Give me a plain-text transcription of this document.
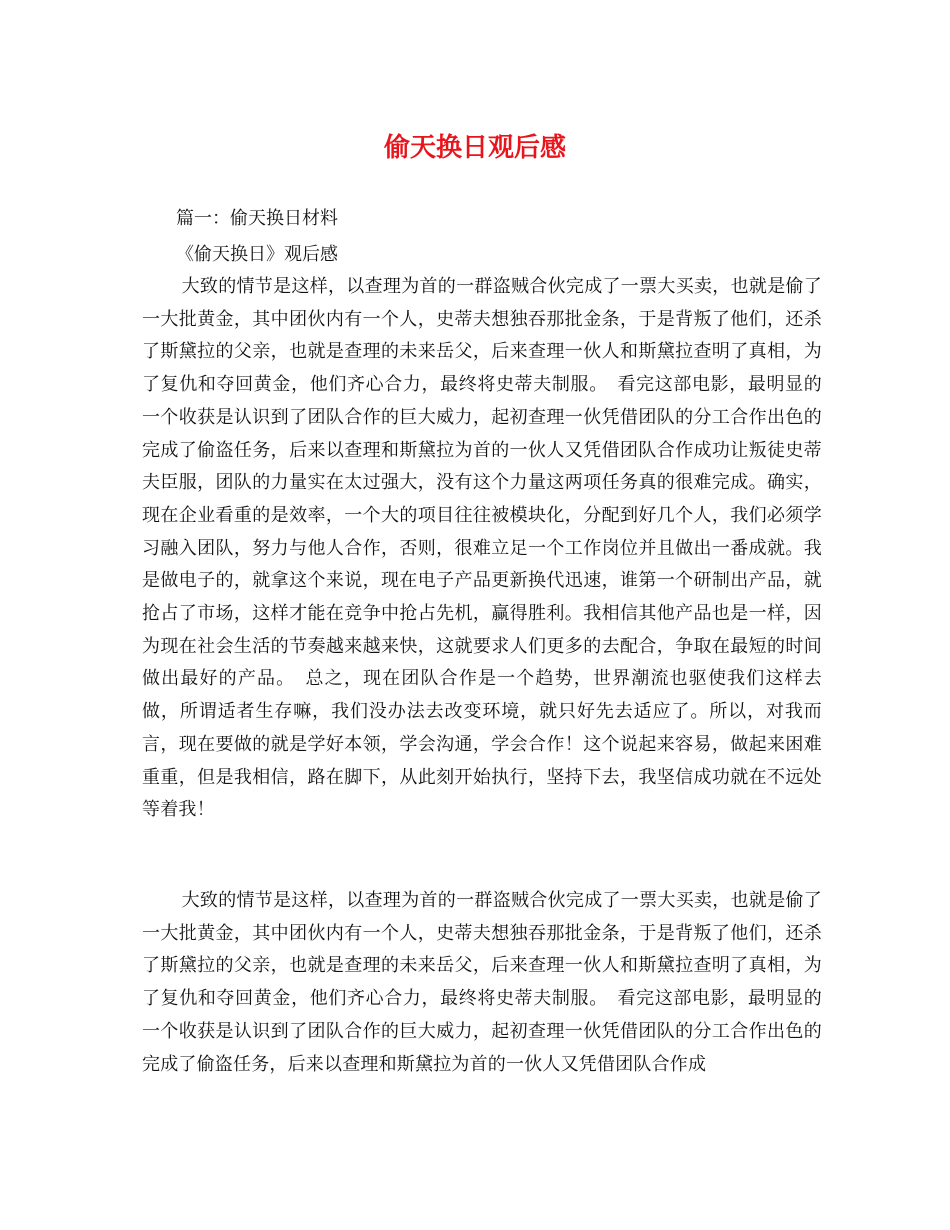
偷天换日观后感

篇一：偷天换日材料

《偷天换日》观后感

大致的情节是这样，以查理为首的一群盗贼合伙完成了一票大买卖，也就是偷了一大批黄金，其中团伙内有一个人，史蒂夫想独吞那批金条，于是背叛了他们，还杀了斯黛拉的父亲，也就是查理的未来岳父，后来查理一伙人和斯黛拉查明了真相，为了复仇和夺回黄金，他们齐心合力，最终将史蒂夫制服。　看完这部电影，最明显的一个收获是认识到了团队合作的巨大威力，起初查理一伙凭借团队的分工合作出色的完成了偷盗任务，后来以查理和斯黛拉为首的一伙人又凭借团队合作成功让叛徒史蒂夫臣服，团队的力量实在太过强大，没有这个力量这两项任务真的很难完成。确实，现在企业看重的是效率，一个大的项目往往被模块化，分配到好几个人，我们必须学习融入团队，努力与他人合作，否则，很难立足一个工作岗位并且做出一番成就。我是做电子的，就拿这个来说，现在电子产品更新换代迅速，谁第一个研制出产品，就抢占了市场，这样才能在竞争中抢占先机，赢得胜利。我相信其他产品也是一样，因为现在社会生活的节奏越来越来快，这就要求人们更多的去配合，争取在最短的时间做出最好的产品。　总之，现在团队合作是一个趋势，世界潮流也驱使我们这样去做，所谓适者生存嘛，我们没办法去改变环境，就只好先去适应了。所以，对我而言，现在要做的就是学好本领，学会沟通，学会合作！这个说起来容易，做起来困难重重，但是我相信，路在脚下，从此刻开始执行，坚持下去，我坚信成功就在不远处等着我！

大致的情节是这样，以查理为首的一群盗贼合伙完成了一票大买卖，也就是偷了一大批黄金，其中团伙内有一个人，史蒂夫想独吞那批金条，于是背叛了他们，还杀了斯黛拉的父亲，也就是查理的未来岳父，后来查理一伙人和斯黛拉查明了真相，为了复仇和夺回黄金，他们齐心合力，最终将史蒂夫制服。　看完这部电影，最明显的一个收获是认识到了团队合作的巨大威力，起初查理一伙凭借团队的分工合作出色的完成了偷盗任务，后来以查理和斯黛拉为首的一伙人又凭借团队合作成
